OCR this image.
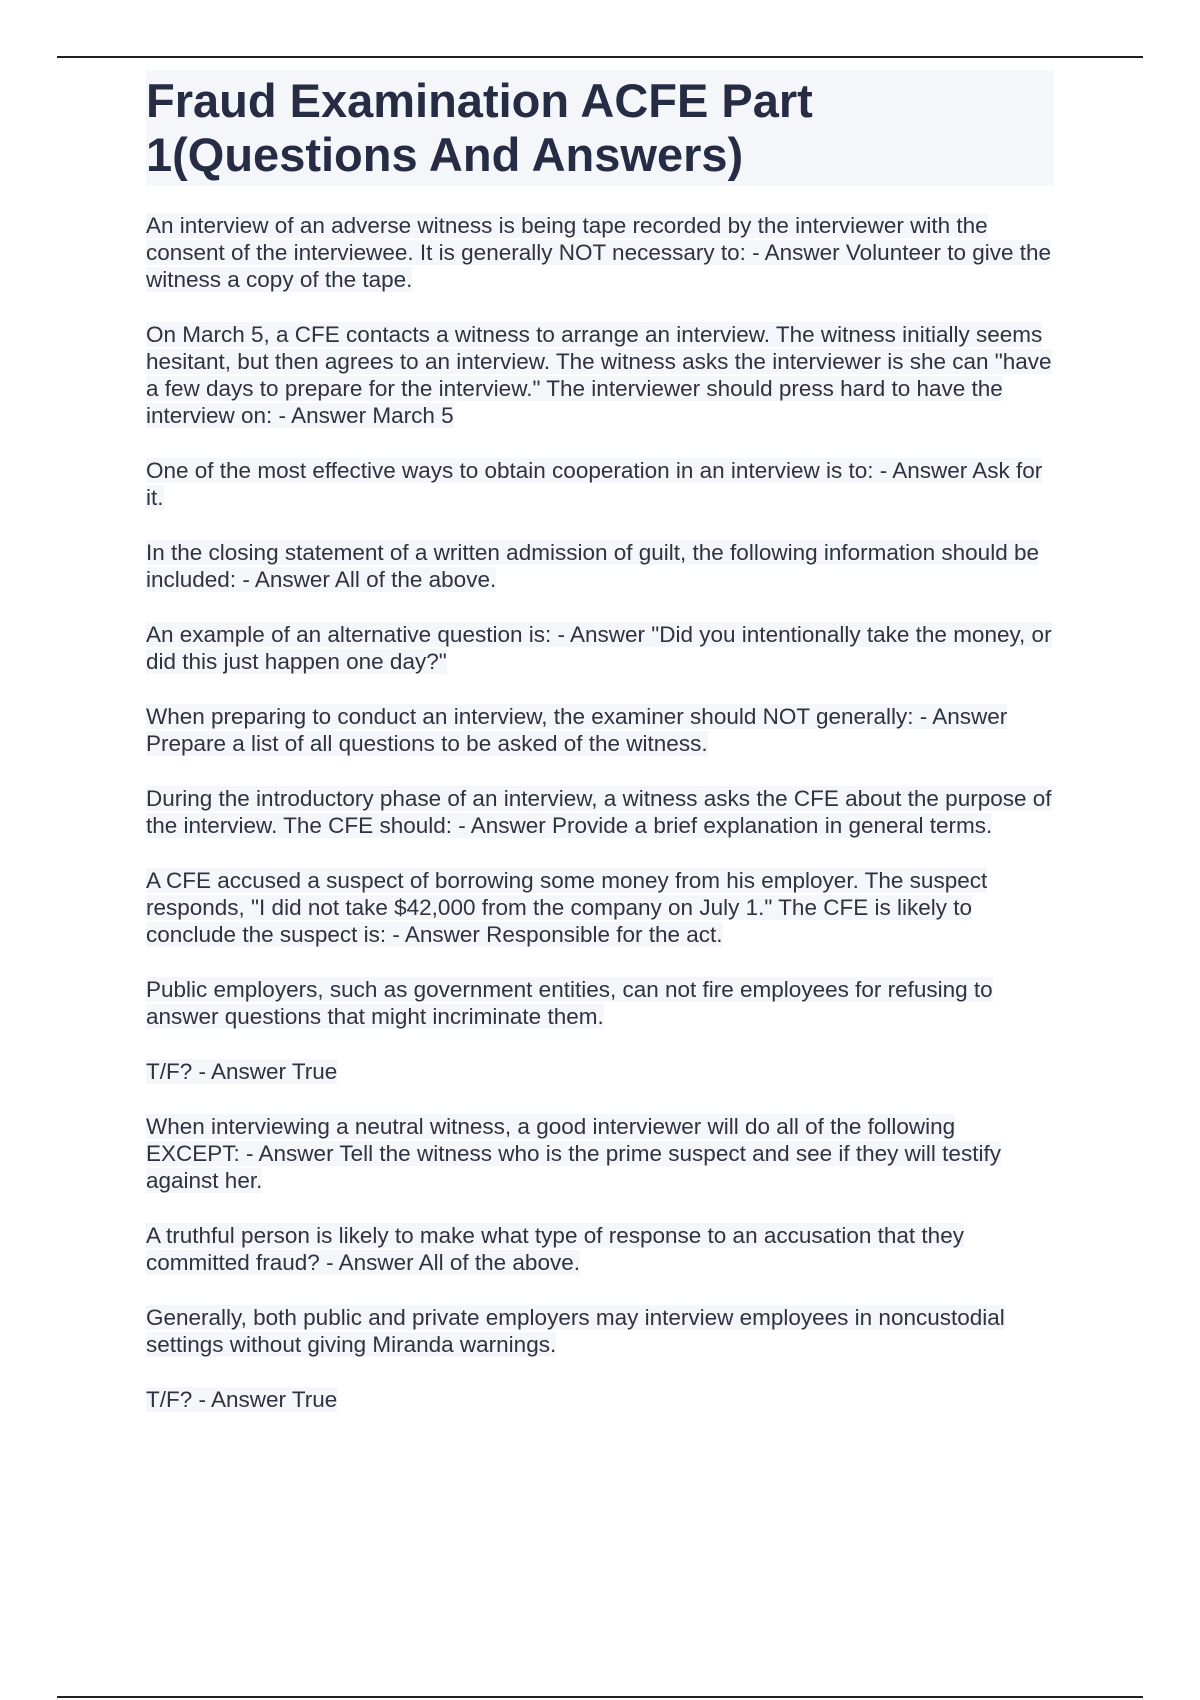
Fraud Examination ACFE Part
1(Questions And Answers)

An interview of an adverse witness is being tape recorded by the interviewer with the consent of the interviewee. It is generally NOT necessary to: - Answer Volunteer to give the witness a copy of the tape.

On March 5, a CFE contacts a witness to arrange an interview. The witness initially seems hesitant, but then agrees to an interview. The witness asks the interviewer is she can "have a few days to prepare for the interview." The interviewer should press hard to have the interview on: - Answer March 5

One of the most effective ways to obtain cooperation in an interview is to: - Answer Ask for it.

In the closing statement of a written admission of guilt, the following information should be included: - Answer All of the above.

An example of an alternative question is: - Answer "Did you intentionally take the money, or did this just happen one day?"

When preparing to conduct an interview, the examiner should NOT generally: - Answer Prepare a list of all questions to be asked of the witness.

During the introductory phase of an interview, a witness asks the CFE about the purpose of the interview. The CFE should: - Answer Provide a brief explanation in general terms.

A CFE accused a suspect of borrowing some money from his employer. The suspect responds, "I did not take $42,000 from the company on July 1." The CFE is likely to conclude the suspect is: - Answer Responsible for the act.

Public employers, such as government entities, can not fire employees for refusing to answer questions that might incriminate them.

T/F? - Answer True

When interviewing a neutral witness, a good interviewer will do all of the following EXCEPT: - Answer Tell the witness who is the prime suspect and see if they will testify against her.

A truthful person is likely to make what type of response to an accusation that they committed fraud? - Answer All of the above.

Generally, both public and private employers may interview employees in noncustodial settings without giving Miranda warnings.

T/F? - Answer True
